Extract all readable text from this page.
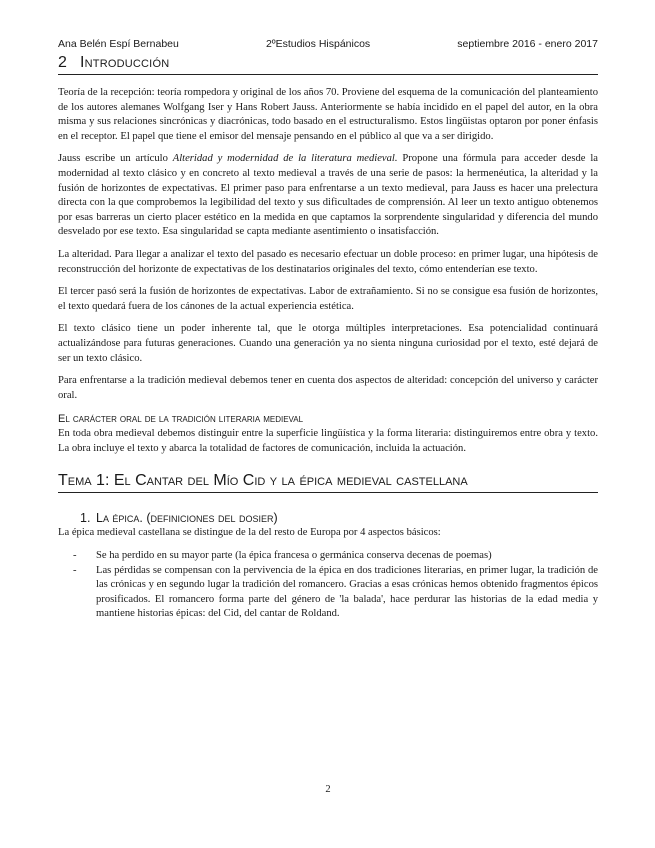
Ana Belén Espí Bernabeu	2ºEstudios Hispánicos	septiembre 2016 - enero 2017
2 Introducción

Teoría de la recepción: teoría rompedora y original de los años 70. Proviene del esquema de la comunicación del planteamiento de los autores alemanes Wolfgang Iser y Hans Robert Jauss. Anteriormente se había incidido en el papel del autor, en la obra misma y sus relaciones sincrónicas y diacrónicas, todo basado en el estructuralismo. Estos lingüistas optaron por poner énfasis en el receptor. El papel que tiene el emisor del mensaje pensando en el público al que va a ser dirigido.

Jauss escribe un artículo Alteridad y modernidad de la literatura medieval. Propone una fórmula para acceder desde la modernidad al texto clásico y en concreto al texto medieval a través de una serie de pasos: la hermenéutica, la alteridad y la fusión de horizontes de expectativas. El primer paso para enfrentarse a un texto medieval, para Jauss es hacer una prelectura directa con la que comprobemos la legibilidad del texto y sus dificultades de comprensión. Al leer un texto antiguo obtenemos por esas barreras un cierto placer estético en la medida en que captamos la sorprendente singularidad y diferencia del mundo desvelado por ese texto. Esa singularidad se capta mediante asentimiento o insatisfacción.

La alteridad. Para llegar a analizar el texto del pasado es necesario efectuar un doble proceso: en primer lugar, una hipótesis de reconstrucción del horizonte de expectativas de los destinatarios originales del texto, cómo entenderían ese texto.

El tercer pasó será la fusión de horizontes de expectativas. Labor de extrañamiento. Si no se consigue esa fusión de horizontes, el texto quedará fuera de los cánones de la actual experiencia estética.

El texto clásico tiene un poder inherente tal, que le otorga múltiples interpretaciones. Esa potencialidad continuará actualizándose para futuras generaciones. Cuando una generación ya no sienta ninguna curiosidad por el texto, esté dejará de ser un texto clásico.

Para enfrentarse a la tradición medieval debemos tener en cuenta dos aspectos de alteridad: concepción del universo y carácter oral.

El carácter oral de la tradición literaria medieval

En toda obra medieval debemos distinguir entre la superficie lingüística y la forma literaria: distinguiremos entre obra y texto. La obra incluye el texto y abarca la totalidad de factores de comunicación, incluida la actuación.

Tema 1: El Cantar del Mío Cid y la épica medieval castellana
1. La épica. (definiciones del dosier)

La épica medieval castellana se distingue de la del resto de Europa por 4 aspectos básicos:

- Se ha perdido en su mayor parte (la épica francesa o germánica conserva decenas de poemas)
- Las pérdidas se compensan con la pervivencia de la épica en dos tradiciones literarias, en primer lugar, la tradición de las crónicas y en segundo lugar la tradición del romancero. Gracias a esas crónicas hemos obtenido fragmentos épicos prosificados. El romancero forma parte del género de 'la balada', hace perdurar las historias de la edad media y mantiene historias épicas: del Cid, del cantar de Roldand.
2
